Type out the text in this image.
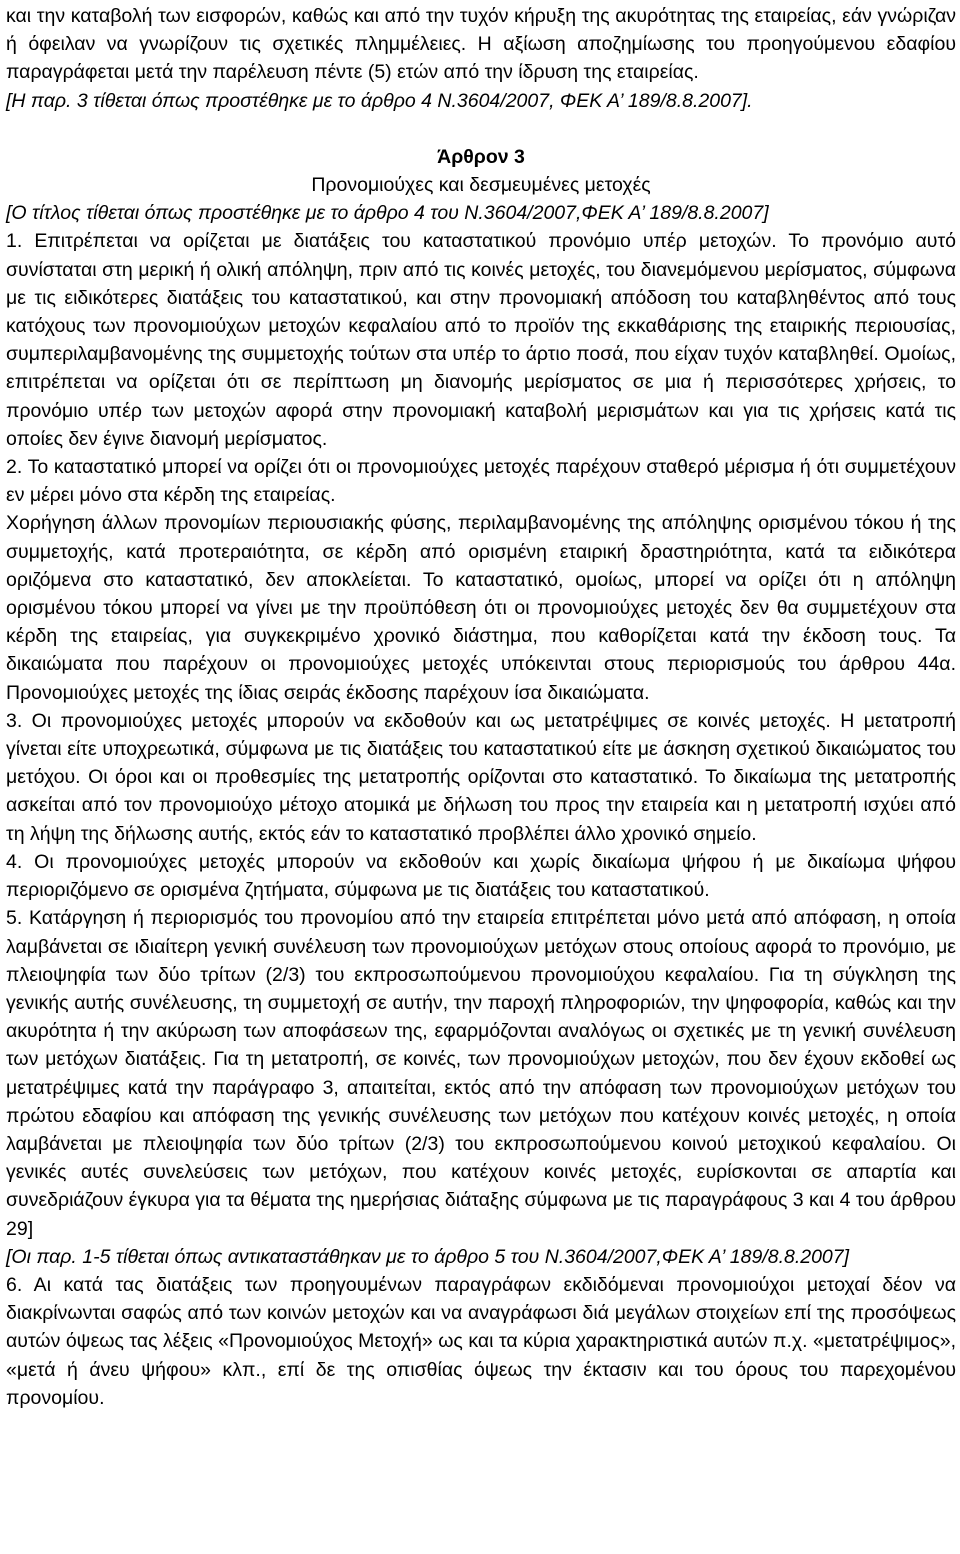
και την καταβολή των εισφορών, καθώς και από την τυχόν κήρυξη της ακυρότητας της εταιρείας, εάν γνώριζαν ή όφειλαν να γνωρίζουν τις σχετικές πλημμέλειες. Η αξίωση αποζημίωσης του προηγούμενου εδαφίου παραγράφεται μετά την παρέλευση πέντε (5) ετών από την ίδρυση της εταιρείας.

[Η παρ. 3 τίθεται όπως προστέθηκε με το άρθρο 4 Ν.3604/2007, ΦΕΚ Α’ 189/8.8.2007].

Άρθρον 3
Προνομιούχες και δεσμευμένες μετοχές

[Ο τίτλος τίθεται όπως προστέθηκε με το άρθρο 4 του Ν.3604/2007,ΦΕΚ Α’ 189/8.8.2007]

1. Επιτρέπεται να ορίζεται με διατάξεις του καταστατικού προνόμιο υπέρ μετοχών. Το προνόμιο αυτό συνίσταται στη μερική ή ολική απόληψη, πριν από τις κοινές μετοχές, του διανεμόμενου μερίσματος, σύμφωνα με τις ειδικότερες διατάξεις του καταστατικού, και στην προνομιακή απόδοση του καταβληθέντος από τους κατόχους των προνομιούχων μετοχών κεφαλαίου από το προϊόν της εκκαθάρισης της εταιρικής περιουσίας, συμπεριλαμβανομένης της συμμετοχής τούτων στα υπέρ το άρτιο ποσά, που είχαν τυχόν καταβληθεί. Ομοίως, επιτρέπεται να ορίζεται ότι σε περίπτωση μη διανομής μερίσματος σε μια ή περισσότερες χρήσεις, το προνόμιο υπέρ των μετοχών αφορά στην προνομιακή καταβολή μερισμάτων και για τις χρήσεις κατά τις οποίες δεν έγινε διανομή μερίσματος.

2. Το καταστατικό μπορεί να ορίζει ότι οι προνομιούχες μετοχές παρέχουν σταθερό μέρισμα ή ότι συμμετέχουν εν μέρει μόνο στα κέρδη της εταιρείας.

Χορήγηση άλλων προνομίων περιουσιακής φύσης, περιλαμβανομένης της απόληψης ορισμένου τόκου ή της συμμετοχής, κατά προτεραιότητα, σε κέρδη από ορισμένη εταιρική δραστηριότητα, κατά τα ειδικότερα οριζόμενα στο καταστατικό, δεν αποκλείεται. Το καταστατικό, ομοίως, μπορεί να ορίζει ότι η απόληψη ορισμένου τόκου μπορεί να γίνει με την προϋπόθεση ότι οι προνομιούχες μετοχές δεν θα συμμετέχουν στα κέρδη της εταιρείας, για συγκεκριμένο χρονικό διάστημα, που καθορίζεται κατά την έκδοση τους. Τα δικαιώματα που παρέχουν οι προνομιούχες μετοχές υπόκεινται στους περιορισμούς του άρθρου 44α. Προνομιούχες μετοχές της ίδιας σειράς έκδοσης παρέχουν ίσα δικαιώματα.

3. Οι προνομιούχες μετοχές μπορούν να εκδοθούν και ως μετατρέψιμες σε κοινές μετοχές. Η μετατροπή γίνεται είτε υποχρεωτικά, σύμφωνα με τις διατάξεις του καταστατικού είτε με άσκηση σχετικού δικαιώματος του μετόχου. Οι όροι και οι προθεσμίες της μετατροπής ορίζονται στο καταστατικό. Το δικαίωμα της μετατροπής ασκείται από τον προνομιούχο μέτοχο ατομικά με δήλωση του προς την εταιρεία και η μετατροπή ισχύει από τη λήψη της δήλωσης αυτής, εκτός εάν το καταστατικό προβλέπει άλλο χρονικό σημείο.

4. Οι προνομιούχες μετοχές μπορούν να εκδοθούν και χωρίς δικαίωμα ψήφου ή με δικαίωμα ψήφου περιοριζόμενο σε ορισμένα ζητήματα, σύμφωνα με τις διατάξεις του καταστατικού.

5. Κατάργηση ή περιορισμός του προνομίου από την εταιρεία επιτρέπεται μόνο μετά από απόφαση, η οποία λαμβάνεται σε ιδιαίτερη γενική συνέλευση των προνομιούχων μετόχων στους οποίους αφορά το προνόμιο, με πλειοψηφία των δύο τρίτων (2/3) του εκπροσωπούμενου προνομιούχου κεφαλαίου. Για τη σύγκληση της γενικής αυτής συνέλευσης, τη συμμετοχή σε αυτήν, την παροχή πληροφοριών, την ψηφοφορία, καθώς και την ακυρότητα ή την ακύρωση των αποφάσεων της, εφαρμόζονται αναλόγως οι σχετικές με τη γενική συνέλευση των μετόχων διατάξεις. Για τη μετατροπή, σε κοινές, των προνομιούχων μετοχών, που δεν έχουν εκδοθεί ως μετατρέψιμες κατά την παράγραφο 3, απαιτείται, εκτός από την απόφαση των προνομιούχων μετόχων του πρώτου εδαφίου και απόφαση της γενικής συνέλευσης των μετόχων που κατέχουν κοινές μετοχές, η οποία λαμβάνεται με πλειοψηφία των δύο τρίτων (2/3) του εκπροσωπούμενου κοινού μετοχικού κεφαλαίου. Οι γενικές αυτές συνελεύσεις των μετόχων, που κατέχουν κοινές μετοχές, ευρίσκονται σε απαρτία και συνεδριάζουν έγκυρα για τα θέματα της ημερήσιας διάταξης σύμφωνα με τις παραγράφους 3 και 4 του άρθρου 29]

[Οι παρ. 1-5 τίθεται όπως αντικαταστάθηκαν με το άρθρο 5 του Ν.3604/2007,ΦΕΚ Α’ 189/8.8.2007]

6. Αι κατά τας διατάξεις των προηγουμένων παραγράφων εκδιδόμεναι προνομιούχοι μετοχαί δέον να διακρίνωνται σαφώς από των κοινών μετοχών και να αναγράφωσι διά μεγάλων στοιχείων επί της προσόψεως αυτών όψεως τας λέξεις «Προνομιούχος Μετοχή» ως και τα κύρια χαρακτηριστικά αυτών π.χ. «μετατρέψιμος», «μετά ή άνευ ψήφου» κλπ., επί δε της οπισθίας όψεως την έκτασιν και του όρους του παρεχομένου προνομίου.
